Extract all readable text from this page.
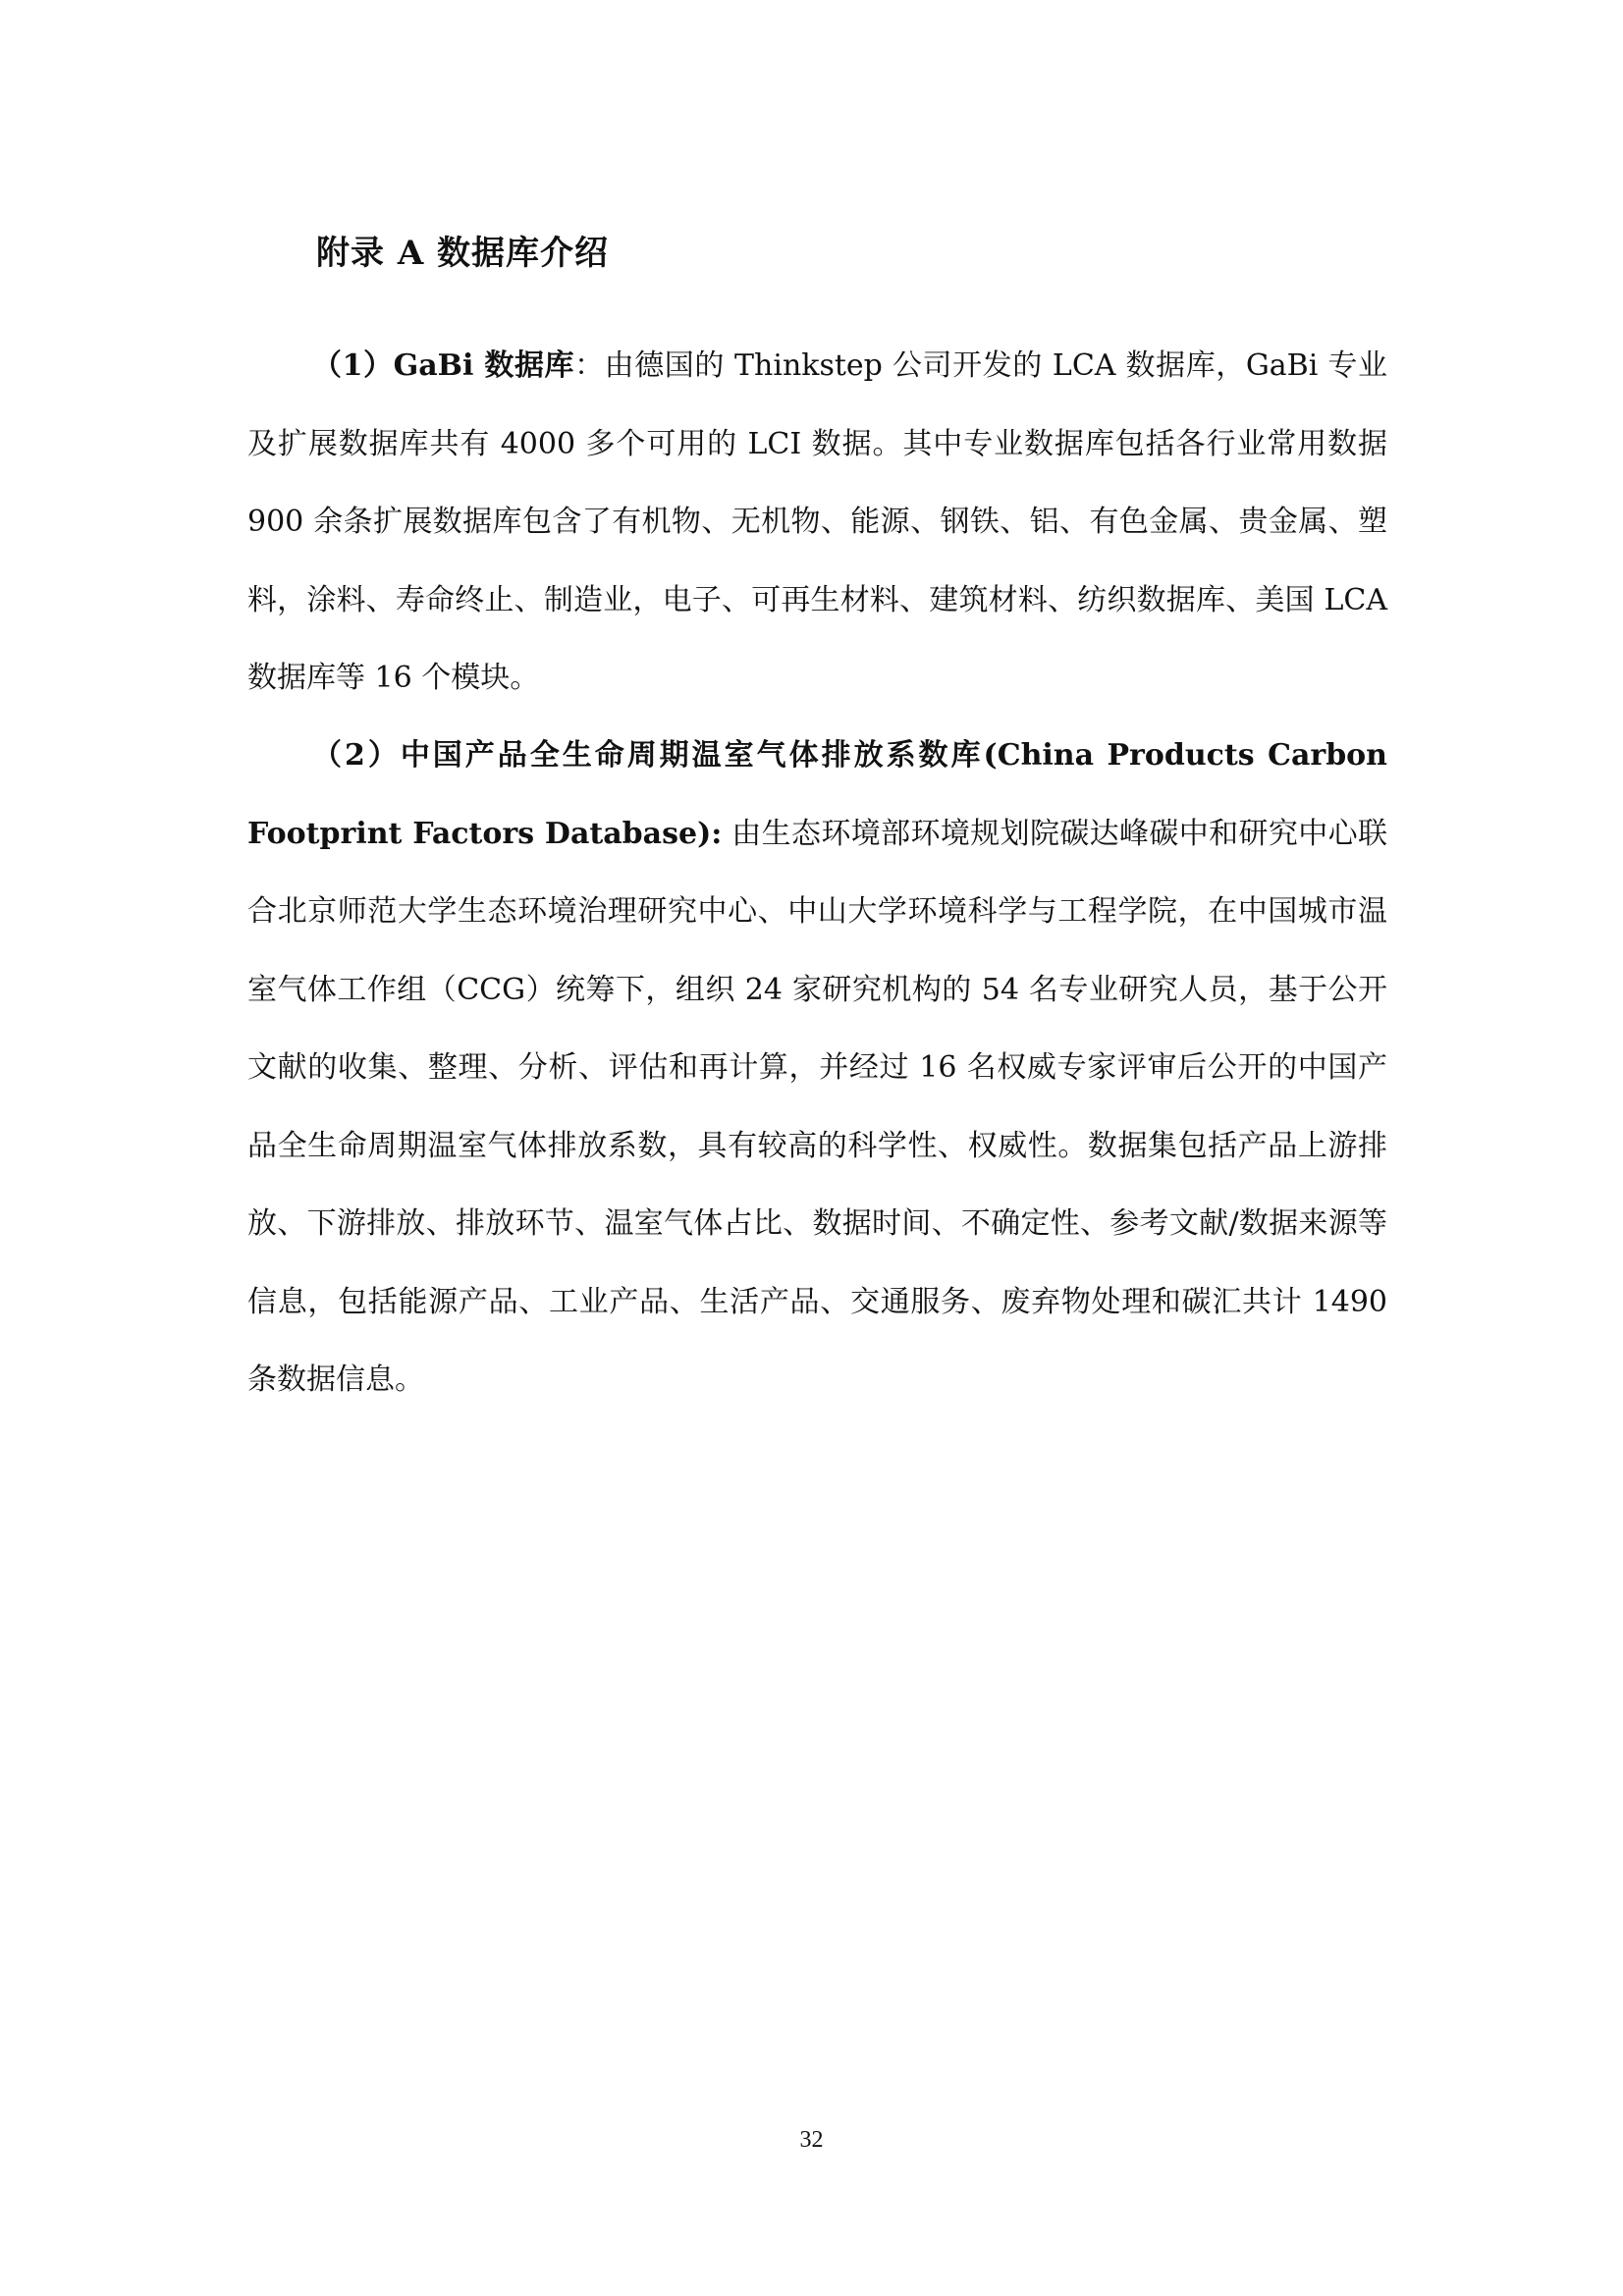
附录 A 数据库介绍

（1）GaBi 数据库：由德国的 Thinkstep 公司开发的 LCA 数据库，GaBi 专业及扩展数据库共有 4000 多个可用的 LCI 数据。其中专业数据库包括各行业常用数据 900 余条扩展数据库包含了有机物、无机物、能源、钢铁、铝、有色金属、贵金属、塑料，涂料、寿命终止、制造业，电子、可再生材料、建筑材料、纺织数据库、美国 LCA 数据库等 16 个模块。

（2）中国产品全生命周期温室气体排放系数库(China Products Carbon Footprint Factors Database): 由生态环境部环境规划院碳达峰碳中和研究中心联合北京师范大学生态环境治理研究中心、中山大学环境科学与工程学院，在中国城市温室气体工作组（CCG）统筹下，组织 24 家研究机构的 54 名专业研究人员，基于公开文献的收集、整理、分析、评估和再计算，并经过 16 名权威专家评审后公开的中国产品全生命周期温室气体排放系数，具有较高的科学性、权威性。数据集包括产品上游排放、下游排放、排放环节、温室气体占比、数据时间、不确定性、参考文献/数据来源等信息，包括能源产品、工业产品、生活产品、交通服务、废弃物处理和碳汇共计 1490 条数据信息。

32
